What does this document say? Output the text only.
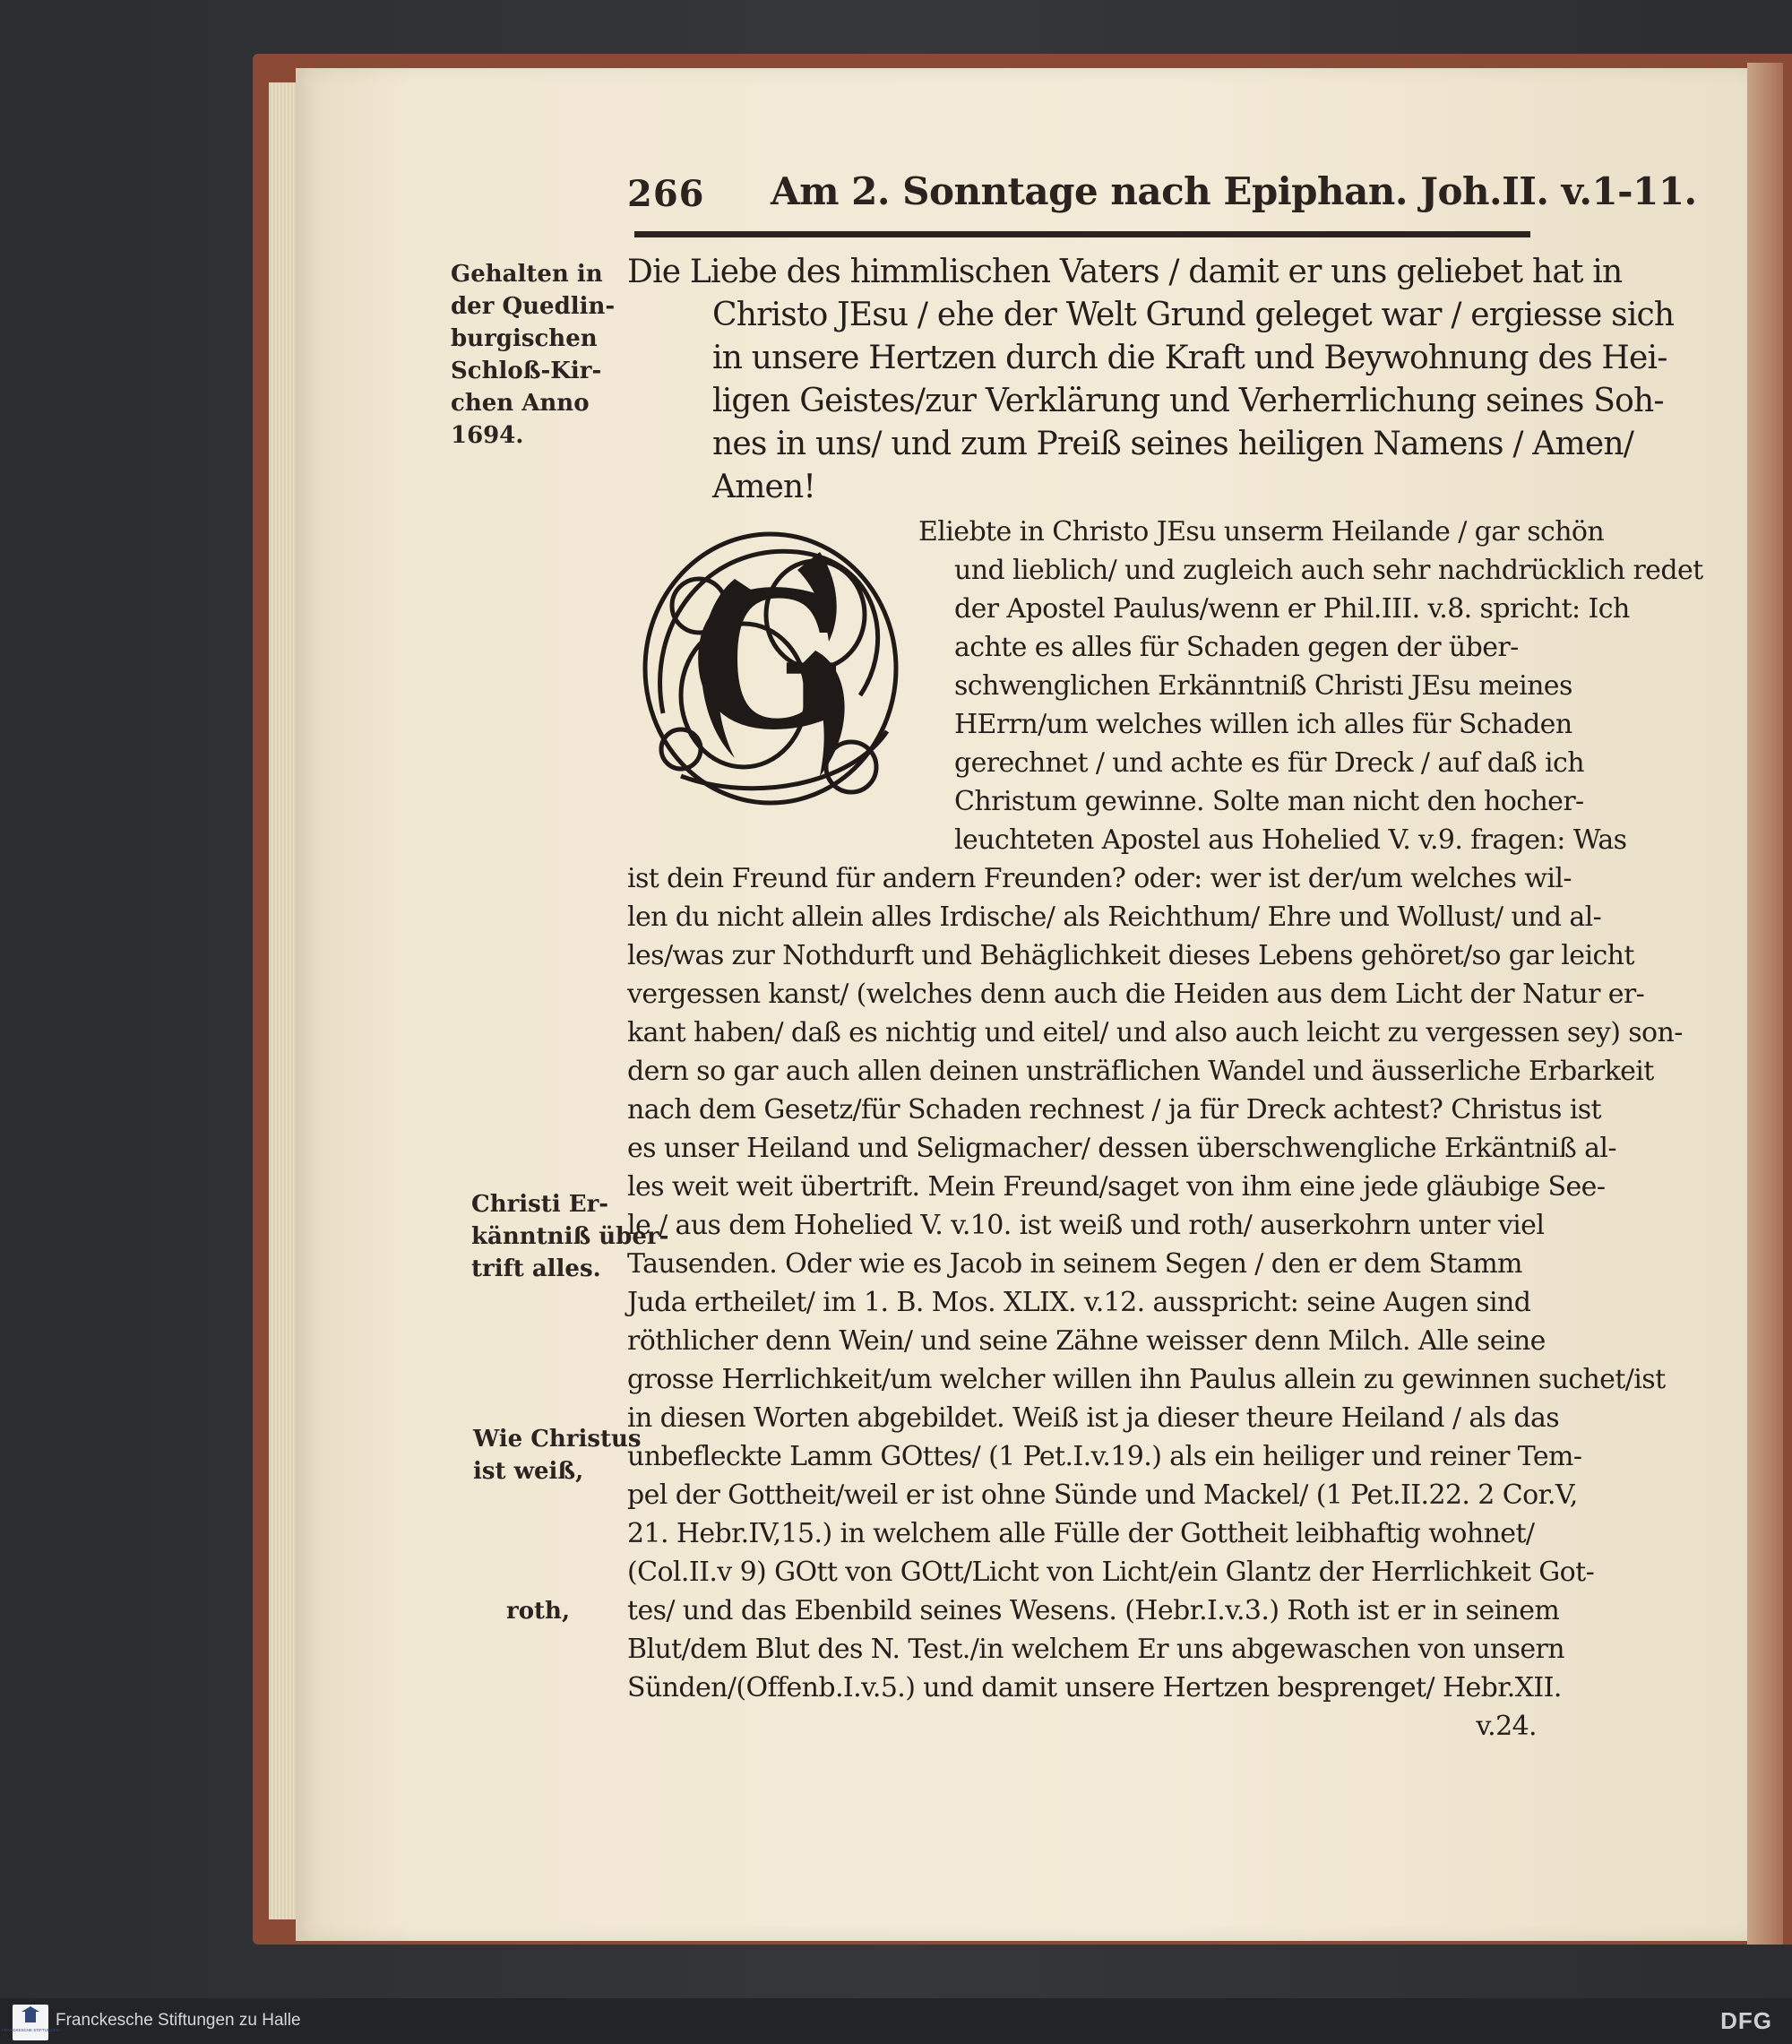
266 Am 2. Sonntage nach Epiphan. Joh.II. v.1-11.
Gehalten in
der Quedlin-
burgischen
Schloß-Kir-
chen Anno
1694.
Christi Er-
känntniß über-
trift alles.
Wie Christus
ist weiß,
roth,
Die Liebe des himmlischen Vaters / damit er uns geliebet hat in
Christo JEsu / ehe der Welt Grund geleget war / ergiesse sich
in unsere Hertzen durch die Kraft und Beywohnung des Hei-
ligen Geistes/zur Verklärung und Verherrlichung seines Soh-
nes in uns/ und zum Preiß seines heiligen Namens / Amen/
Amen!
Eliebte in Christo JEsu unserm Heilande / gar schön
und lieblich/ und zugleich auch sehr nachdrücklich redet
der Apostel Paulus/wenn er Phil.III. v.8. spricht: Ich
achte es alles für Schaden gegen der über-
schwenglichen Erkänntniß Christi JEsu meines
HErrn/um welches willen ich alles für Schaden
gerechnet / und achte es für Dreck / auf daß ich
Christum gewinne. Solte man nicht den hocher-
leuchteten Apostel aus Hohelied V. v.9. fragen: Was
ist dein Freund für andern Freunden? oder: wer ist der/um welches wil-
len du nicht allein alles Irdische/ als Reichthum/ Ehre und Wollust/ und al-
les/was zur Nothdurft und Behäglichkeit dieses Lebens gehöret/so gar leicht
vergessen kanst/ (welches denn auch die Heiden aus dem Licht der Natur er-
kant haben/ daß es nichtig und eitel/ und also auch leicht zu vergessen sey) son-
dern so gar auch allen deinen unsträflichen Wandel und äusserliche Erbarkeit
nach dem Gesetz/für Schaden rechnest / ja für Dreck achtest? Christus ist
es unser Heiland und Seligmacher/ dessen überschwengliche Erkäntniß al-
les weit weit übertrift. Mein Freund/saget von ihm eine jede gläubige See-
le / aus dem Hohelied V. v.10. ist weiß und roth/ auserkohrn unter viel
Tausenden. Oder wie es Jacob in seinem Segen / den er dem Stamm
Juda ertheilet/ im 1. B. Mos. XLIX. v.12. ausspricht: seine Augen sind
röthlicher denn Wein/ und seine Zähne weisser denn Milch. Alle seine
grosse Herrlichkeit/um welcher willen ihn Paulus allein zu gewinnen suchet/ist
in diesen Worten abgebildet. Weiß ist ja dieser theure Heiland / als das
unbefleckte Lamm GOttes/ (1 Pet.I.v.19.) als ein heiliger und reiner Tem-
pel der Gottheit/weil er ist ohne Sünde und Mackel/ (1 Pet.II.22. 2 Cor.V,
21. Hebr.IV,15.) in welchem alle Fülle der Gottheit leibhaftig wohnet/
(Col.II.v 9) GOtt von GOtt/Licht von Licht/ein Glantz der Herrlichkeit Got-
tes/ und das Ebenbild seines Wesens. (Hebr.I.v.3.) Roth ist er in seinem
Blut/dem Blut des N. Test./in welchem Er uns abgewaschen von unsern
Sünden/(Offenb.I.v.5.) und damit unsere Hertzen besprenget/ Hebr.XII.
v.24.
G
FRANCKESCHE STIFTUNGEN
Franckesche Stiftungen zu Halle	DFG
